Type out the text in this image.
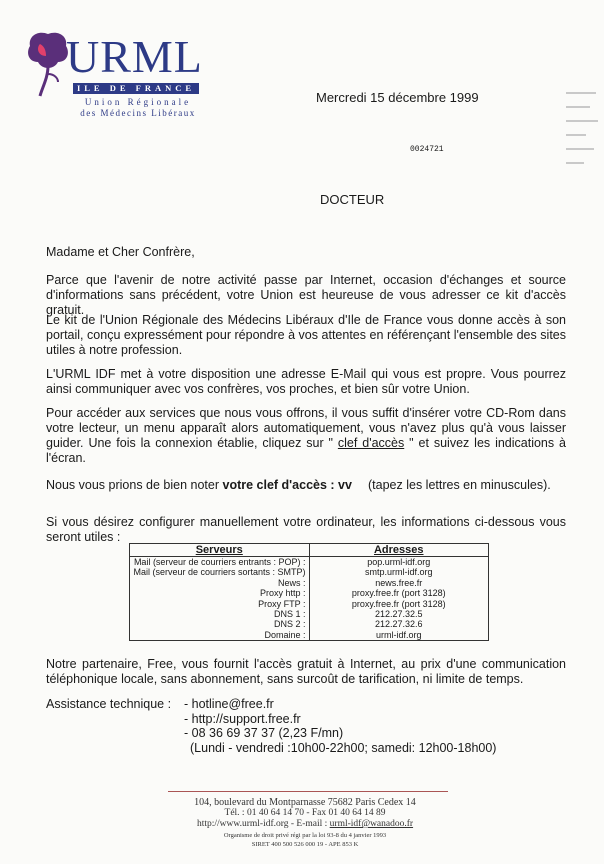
URML
ILE DE FRANCE
Union Régionale
des Médecins Libéraux
Mercredi 15 décembre 1999
0024721
DOCTEUR
Madame et Cher Confrère,
Parce que l'avenir de notre activité passe par Internet, occasion d'échanges et source d'informations sans précédent, votre Union est heureuse de vous adresser ce kit d'accès gratuit.
Le kit de l'Union Régionale des Médecins Libéraux d'Ile de France vous donne accès à son portail, conçu expressément pour répondre à vos attentes en référençant l'ensemble des sites utiles à notre profession.
L'URML IDF met à votre disposition une adresse E-Mail qui vous est propre. Vous pourrez ainsi communiquer avec vos confrères, vos proches, et bien sûr votre Union.
Pour accéder aux services que nous vous offrons, il vous suffit d'insérer votre CD-Rom dans votre lecteur, un menu apparaît alors automatiquement, vous n'avez plus qu'à vous laisser guider. Une fois la connexion établie, cliquez sur " clef d'accès " et suivez les indications à l'écran.
Nous vous prions de bien noter votre clef d'accès : vv	(tapez les lettres en minuscules).
Si vous désirez configurer manuellement votre ordinateur, les informations ci-dessous vous seront utiles :
Serveurs	Adresses
Mail (serveur de courriers entrants : POP) :	pop.urml-idf.org
Mail (serveur de courriers sortants : SMTP)	smtp.urml-idf.org
News :	news.free.fr
Proxy http :	proxy.free.fr (port 3128)
Proxy FTP :	proxy.free.fr (port 3128)
DNS 1 :	212.27.32.5
DNS 2 :	212.27.32.6
Domaine :	urml-idf.org
Notre partenaire, Free, vous fournit l'accès gratuit à Internet, au prix d'une communication téléphonique locale, sans abonnement, sans surcoût de tarification, ni limite de temps.
Assistance technique : - hotline@free.fr
- http://support.free.fr
- 08 36 69 37 37 (2,23 F/mn)
(Lundi - vendredi :10h00-22h00; samedi: 12h00-18h00)
104, boulevard du Montparnasse 75682 Paris Cedex 14
Tél. : 01 40 64 14 70 - Fax 01 40 64 14 89
http://www.urml-idf.org - E-mail : urml-idf@wanadoo.fr
Organisme de droit privé régi par la loi 93-8 du 4 janvier 1993
SIRET 400 500 526 000 19 - APE 853 K
